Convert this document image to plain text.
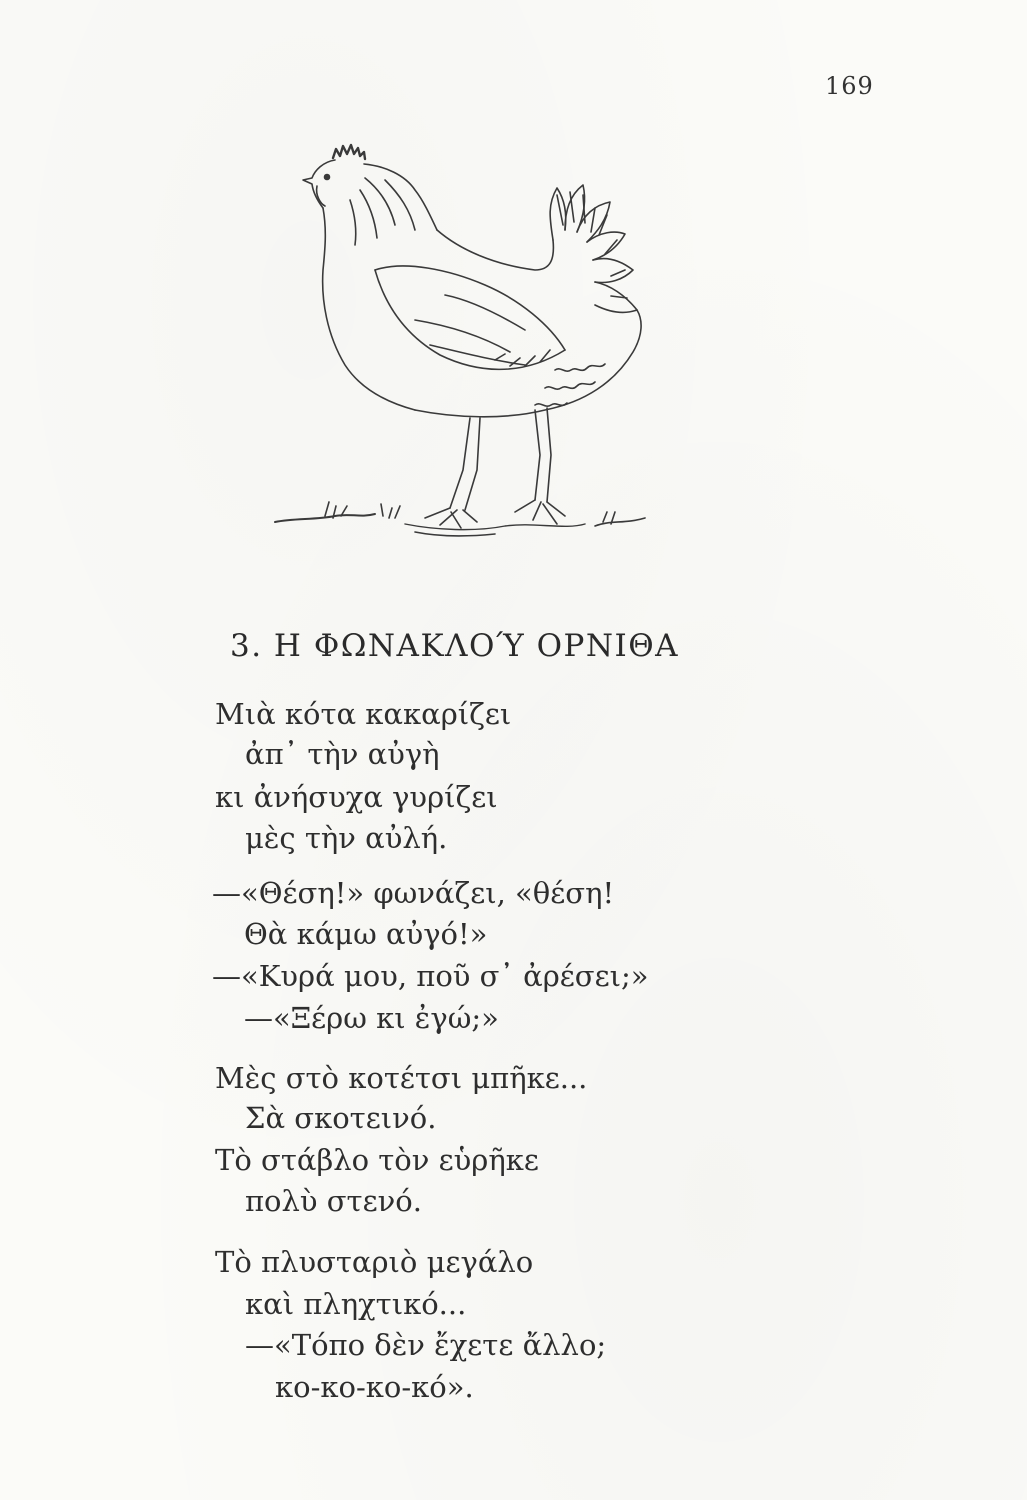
169
3. Η ΦΩΝΑΚΛΟΎ ΟΡΝΙΘΑ
Μιὰ κότα κακαρίζει
ἀπ᾽ τὴν αὐγὴ
κι ἀνήσυχα γυρίζει
μὲς τὴν αὐλή.
—«Θέση!» φωνάζει, «θέση!
Θὰ κάμω αὐγό!»
—«Κυρά μου, ποῦ σ᾽ ἀρέσει;»
—«Ξέρω κι ἐγώ;»
Μὲς στὸ κοτέτσι μπῆκε...
Σὰ σκοτεινό.
Τὸ στάβλο τὸν εὑρῆκε
πολὺ στενό.
Τὸ πλυσταριὸ μεγάλο
καὶ πληχτικό...
—«Τόπο δὲν ἔχετε ἄλλο;
κο-κο-κο-κό».
